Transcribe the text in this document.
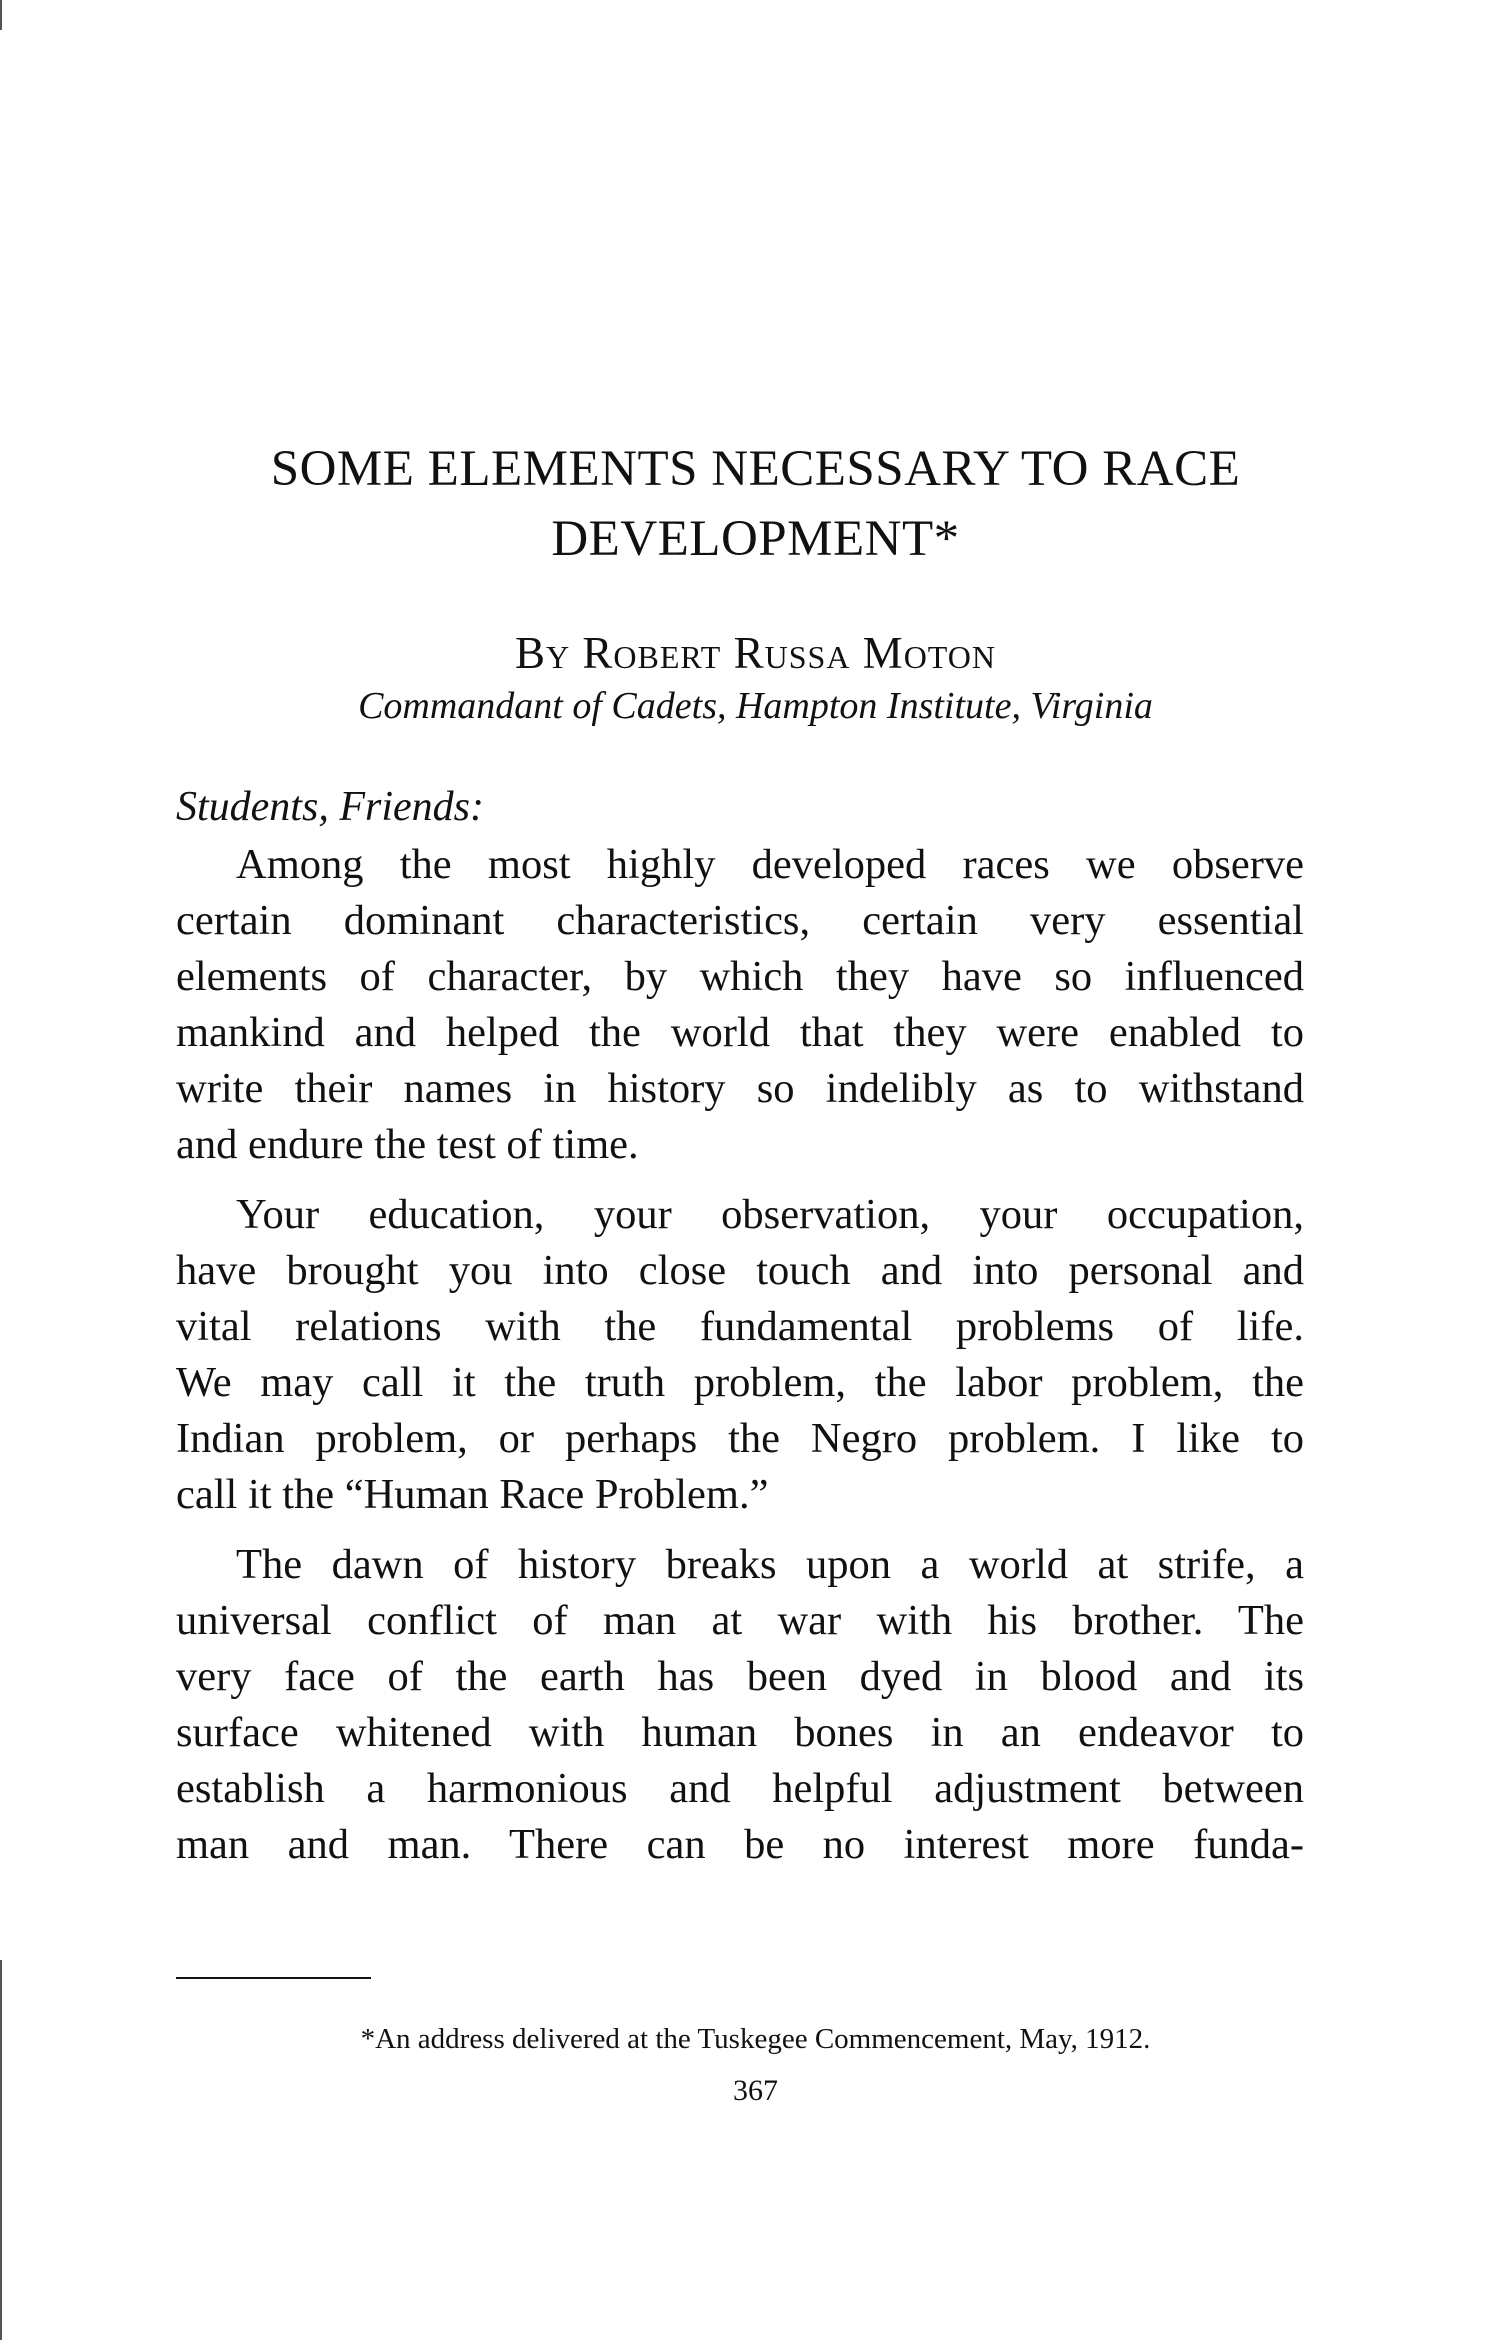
SOME ELEMENTS NECESSARY TO RACE
DEVELOPMENT*
By Robert Russa Moton
Commandant of Cadets, Hampton Institute, Virginia
Students, Friends:
Among the most highly developed races we observe
certain dominant characteristics, certain very essential
elements of character, by which they have so influenced
mankind and helped the world that they were enabled to
write their names in history so indelibly as to withstand
and endure the test of time.
Your education, your observation, your occupation,
have brought you into close touch and into personal and
vital relations with the fundamental problems of life.
We may call it the truth problem, the labor problem, the
Indian problem, or perhaps the Negro problem. I like to
call it the “Human Race Problem.”
The dawn of history breaks upon a world at strife, a
universal conflict of man at war with his brother. The
very face of the earth has been dyed in blood and its
surface whitened with human bones in an endeavor to
establish a harmonious and helpful adjustment between
man and man. There can be no interest more funda-
*An address delivered at the Tuskegee Commencement, May, 1912.
367
